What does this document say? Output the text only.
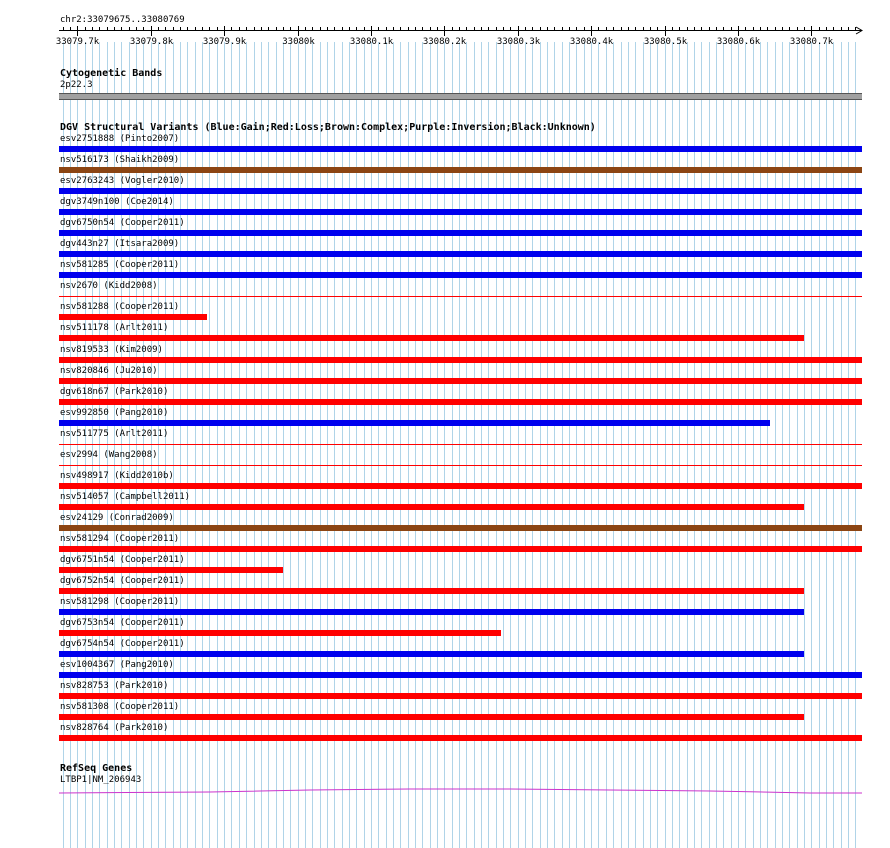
chr2:33079675..33080769
33079.7k	33079.8k	33079.9k	33080k	33080.1k	33080.2k	33080.3k	33080.4k	33080.5k	33080.6k	33080.7k
Cytogenetic Bands
2p22.3
DGV Structural Variants (Blue:Gain;Red:Loss;Brown:Complex;Purple:Inversion;Black:Unknown)
esv2751888 (Pinto2007)
nsv516173 (Shaikh2009)
esv2763243 (Vogler2010)
dgv3749n100 (Coe2014)
dgv6750n54 (Cooper2011)
dgv443n27 (Itsara2009)
nsv581285 (Cooper2011)
nsv2670 (Kidd2008)
nsv581288 (Cooper2011)
nsv511178 (Arlt2011)
nsv819533 (Kim2009)
nsv820846 (Ju2010)
dgv618n67 (Park2010)
esv992850 (Pang2010)
nsv511775 (Arlt2011)
esv2994 (Wang2008)
nsv498917 (Kidd2010b)
nsv514057 (Campbell2011)
esv24129 (Conrad2009)
nsv581294 (Cooper2011)
dgv6751n54 (Cooper2011)
dgv6752n54 (Cooper2011)
nsv581298 (Cooper2011)
dgv6753n54 (Cooper2011)
dgv6754n54 (Cooper2011)
esv1004367 (Pang2010)
nsv828753 (Park2010)
nsv581308 (Cooper2011)
nsv828764 (Park2010)
RefSeq Genes
LTBP1|NM_206943
